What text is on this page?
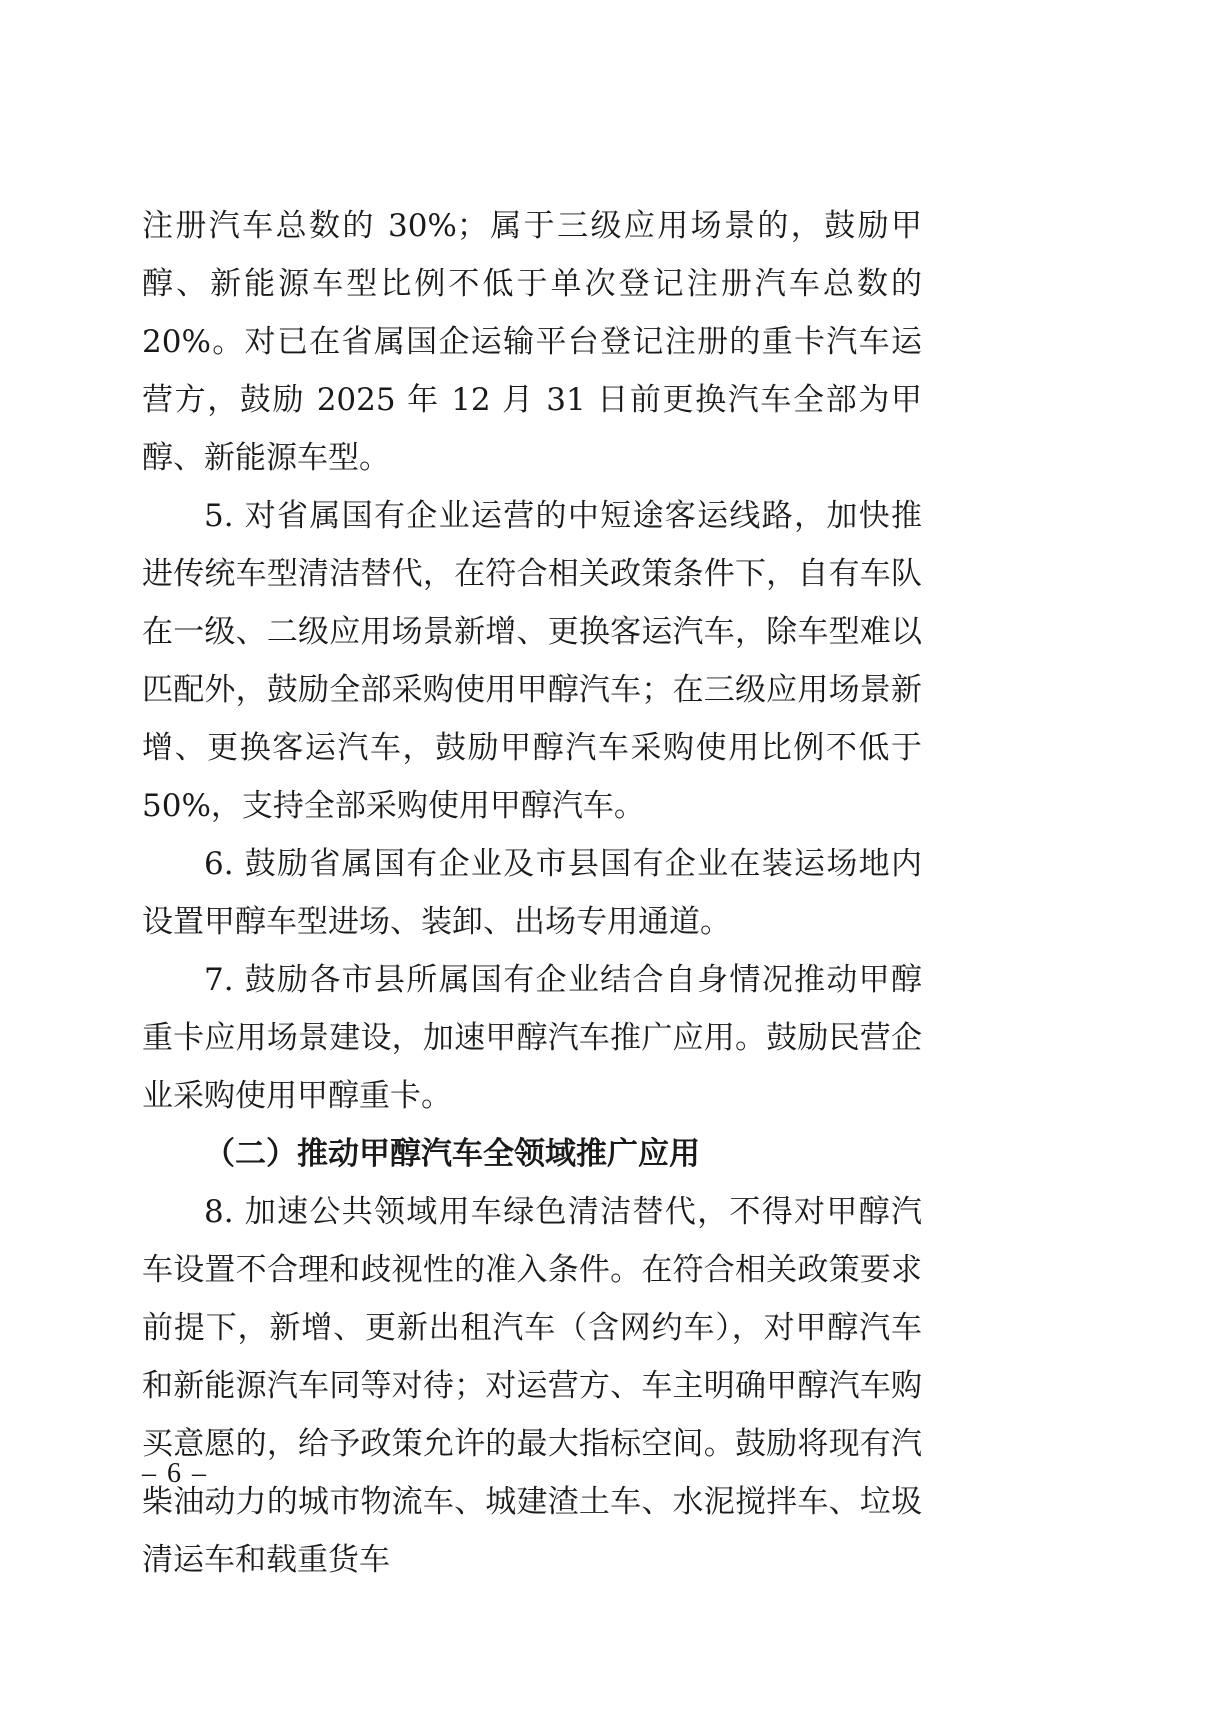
注册汽车总数的 30%；属于三级应用场景的，鼓励甲醇、新能源车型比例不低于单次登记注册汽车总数的 20%。对已在省属国企运输平台登记注册的重卡汽车运营方，鼓励 2025 年 12 月 31 日前更换汽车全部为甲醇、新能源车型。

5. 对省属国有企业运营的中短途客运线路，加快推进传统车型清洁替代，在符合相关政策条件下，自有车队在一级、二级应用场景新增、更换客运汽车，除车型难以匹配外，鼓励全部采购使用甲醇汽车；在三级应用场景新增、更换客运汽车，鼓励甲醇汽车采购使用比例不低于 50%，支持全部采购使用甲醇汽车。

6. 鼓励省属国有企业及市县国有企业在装运场地内设置甲醇车型进场、装卸、出场专用通道。

7. 鼓励各市县所属国有企业结合自身情况推动甲醇重卡应用场景建设，加速甲醇汽车推广应用。鼓励民营企业采购使用甲醇重卡。

（二）推动甲醇汽车全领域推广应用

8. 加速公共领域用车绿色清洁替代，不得对甲醇汽车设置不合理和歧视性的准入条件。在符合相关政策要求前提下，新增、更新出租汽车（含网约车），对甲醇汽车和新能源汽车同等对待；对运营方、车主明确甲醇汽车购买意愿的，给予政策允许的最大指标空间。鼓励将现有汽柴油动力的城市物流车、城建渣土车、水泥搅拌车、垃圾清运车和载重货车

– 6 –
